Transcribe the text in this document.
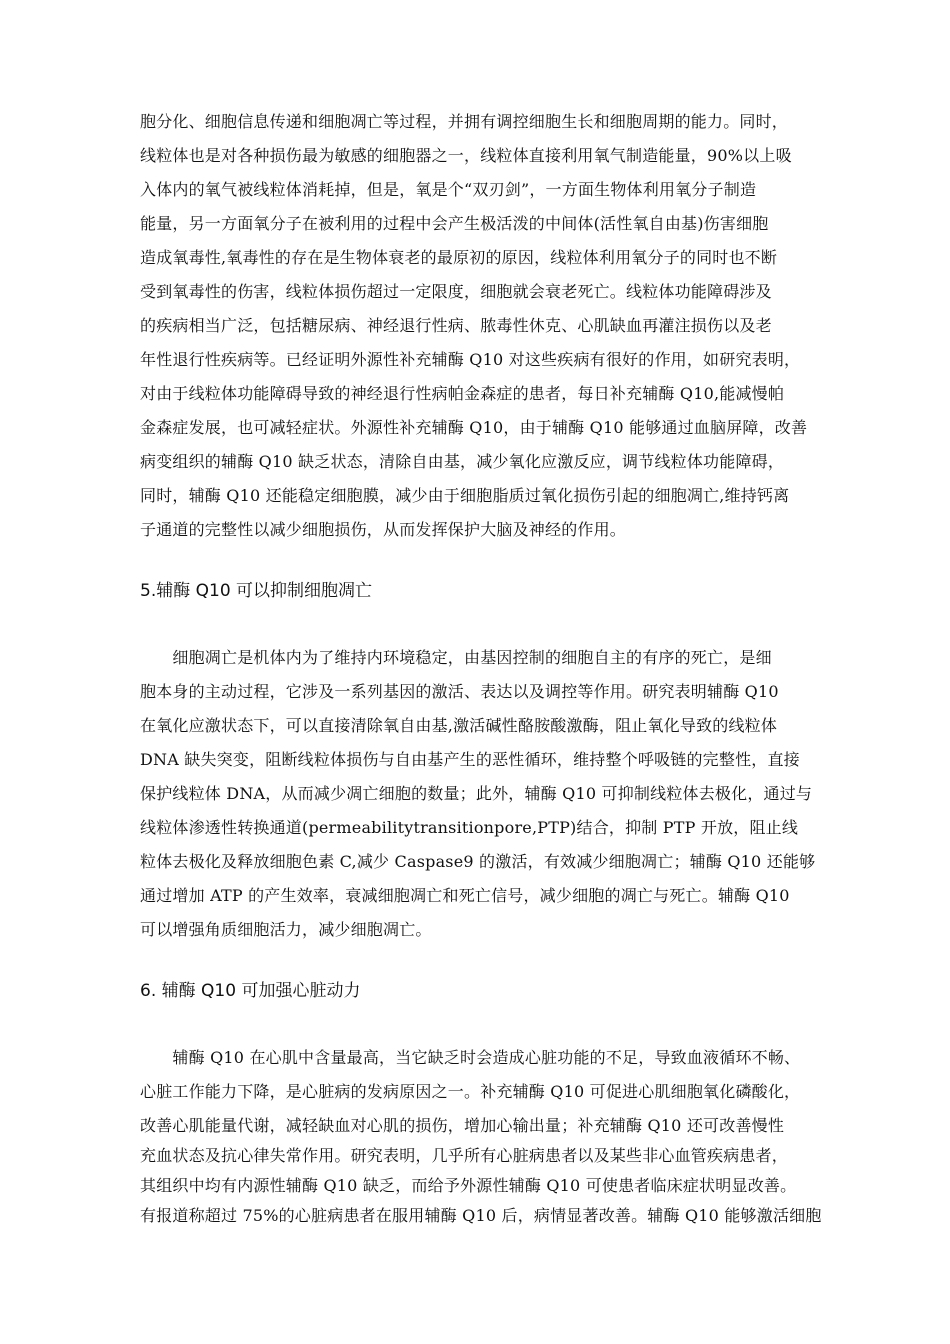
胞分化、细胞信息传递和细胞凋亡等过程，并拥有调控细胞生长和细胞周期的能力。同时，
线粒体也是对各种损伤最为敏感的细胞器之一，线粒体直接利用氧气制造能量，90%以上吸
入体内的氧气被线粒体消耗掉，但是，氧是个“双刃剑”，一方面生物体利用氧分子制造
能量，另一方面氧分子在被利用的过程中会产生极活泼的中间体(活性氧自由基)伤害细胞
造成氧毒性,氧毒性的存在是生物体衰老的最原初的原因，线粒体利用氧分子的同时也不断
受到氧毒性的伤害，线粒体损伤超过一定限度，细胞就会衰老死亡。线粒体功能障碍涉及
的疾病相当广泛，包括糖尿病、神经退行性病、脓毒性休克、心肌缺血再灌注损伤以及老
年性退行性疾病等。已经证明外源性补充辅酶 Q10 对这些疾病有很好的作用，如研究表明，
对由于线粒体功能障碍导致的神经退行性病帕金森症的患者，每日补充辅酶 Q10,能减慢帕
金森症发展，也可减轻症状。外源性补充辅酶 Q10，由于辅酶 Q10 能够通过血脑屏障，改善
病变组织的辅酶 Q10 缺乏状态，清除自由基，减少氧化应激反应，调节线粒体功能障碍，
同时，辅酶 Q10 还能稳定细胞膜，减少由于细胞脂质过氧化损伤引起的细胞凋亡,维持钙离
子通道的完整性以减少细胞损伤，从而发挥保护大脑及神经的作用。
5.辅酶 Q10 可以抑制细胞凋亡
　　细胞凋亡是机体内为了维持内环境稳定，由基因控制的细胞自主的有序的死亡，是细
胞本身的主动过程，它涉及一系列基因的激活、表达以及调控等作用。研究表明辅酶 Q10
在氧化应激状态下，可以直接清除氧自由基,激活碱性酪胺酸激酶，阻止氧化导致的线粒体
DNA 缺失突变，阻断线粒体损伤与自由基产生的恶性循环，维持整个呼吸链的完整性，直接
保护线粒体 DNA，从而减少凋亡细胞的数量；此外，辅酶 Q10 可抑制线粒体去极化，通过与
线粒体渗透性转换通道(permeabilitytransitionpore,PTP)结合，抑制 PTP 开放，阻止线
粒体去极化及释放细胞色素 C,减少 Caspase9 的激活，有效减少细胞凋亡；辅酶 Q10 还能够
通过增加 ATP 的产生效率，衰减细胞凋亡和死亡信号，减少细胞的凋亡与死亡。辅酶 Q10
可以增强角质细胞活力，减少细胞凋亡。
6. 辅酶 Q10 可加强心脏动力
　　辅酶 Q10 在心肌中含量最高，当它缺乏时会造成心脏功能的不足，导致血液循环不畅、
心脏工作能力下降，是心脏病的发病原因之一。补充辅酶 Q10 可促进心肌细胞氧化磷酸化，
改善心肌能量代谢，减轻缺血对心肌的损伤，增加心输出量；补充辅酶 Q10 还可改善慢性
充血状态及抗心律失常作用。研究表明，几乎所有心脏病患者以及某些非心血管疾病患者，
其组织中均有内源性辅酶 Q10 缺乏，而给予外源性辅酶 Q10 可使患者临床症状明显改善。
有报道称超过 75%的心脏病患者在服用辅酶 Q10 后，病情显著改善。辅酶 Q10 能够激活细胞
